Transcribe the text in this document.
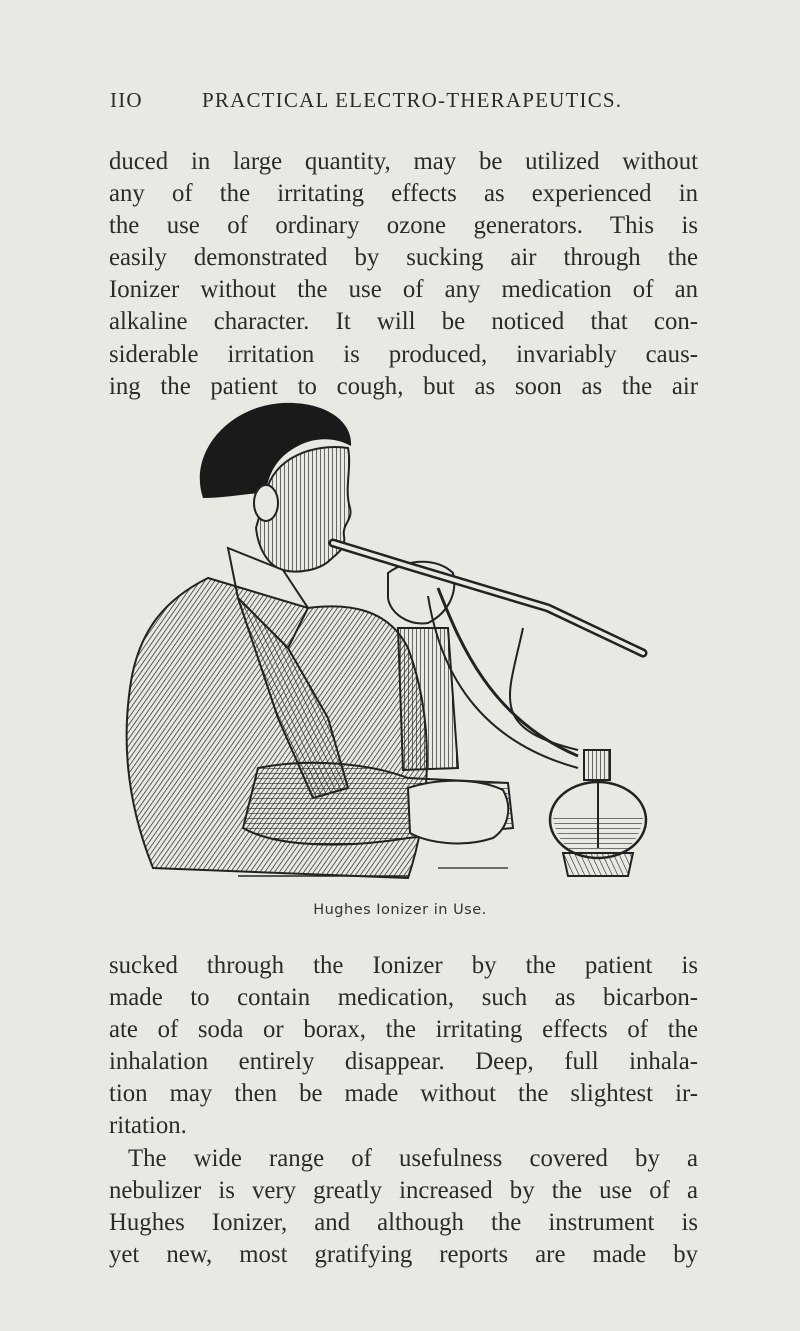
IIO	PRACTICAL ELECTRO-THERAPEUTICS.
duced in large quantity, may be utilized without
any of the irritating effects as experienced in
the use of ordinary ozone generators. This is
easily demonstrated by sucking air through the
Ionizer without the use of any medication of an
alkaline character. It will be noticed that con-
siderable irritation is produced, invariably caus-
ing the patient to cough, but as soon as the air
Hughes Ionizer in Use.
sucked through the Ionizer by the patient is
made to contain medication, such as bicarbon-
ate of soda or borax, the irritating effects of the
inhalation entirely disappear. Deep, full inhala-
tion may then be made without the slightest ir-
ritation.
The wide range of usefulness covered by a
nebulizer is very greatly increased by the use of a
Hughes Ionizer, and although the instrument is
yet new, most gratifying reports are made by
